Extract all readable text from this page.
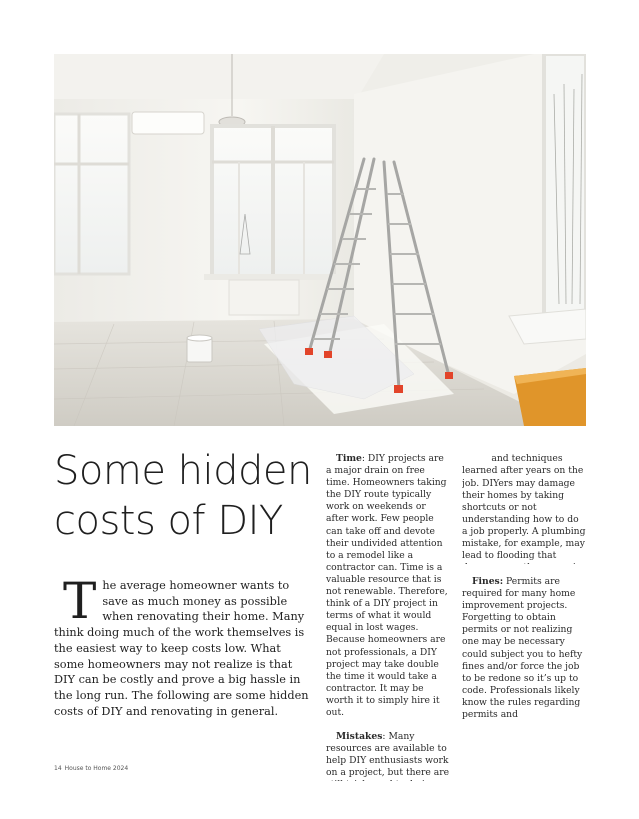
Some hidden
costs of DIY
The average homeowner wants to save as much money as possible when renovating their home. Many think doing much of the work themselves is the easiest way to keep costs low. What some homeowners may not realize is that DIY can be costly and prove a big hassle in the long run. The following are some hidden costs of DIY and renovating in general.

Time: DIY projects are a major drain on free time. Homeowners taking the DIY route typically work on weekends or after work. Few people can take off and devote their undivided attention to a remodel like a contractor can. Time is a valuable resource that is not renewable. Therefore, think of a DIY project in terms of what it would equal in lost wages. Because homeowners are not professionals, a DIY project may take double the time it would take a contractor. It may be worth it to simply hire it out.

Mistakes: Many resources are available to help DIY enthusiasts work on a project, but there are

and techniques learned after years on the job. DIYers may damage their homes by taking shortcuts or not understanding how to do a job properly. A plumbing mistake, for example, may lead to flooding that

Fines: Permits are required for many home improvement projects. Forgetting to obtain permits or not realizing one may be necessary could subject you to hefty fines and/or force the job to be redone so it’s up to code. Professionals likely know the rules regarding permits and

14 House to Home 2024
